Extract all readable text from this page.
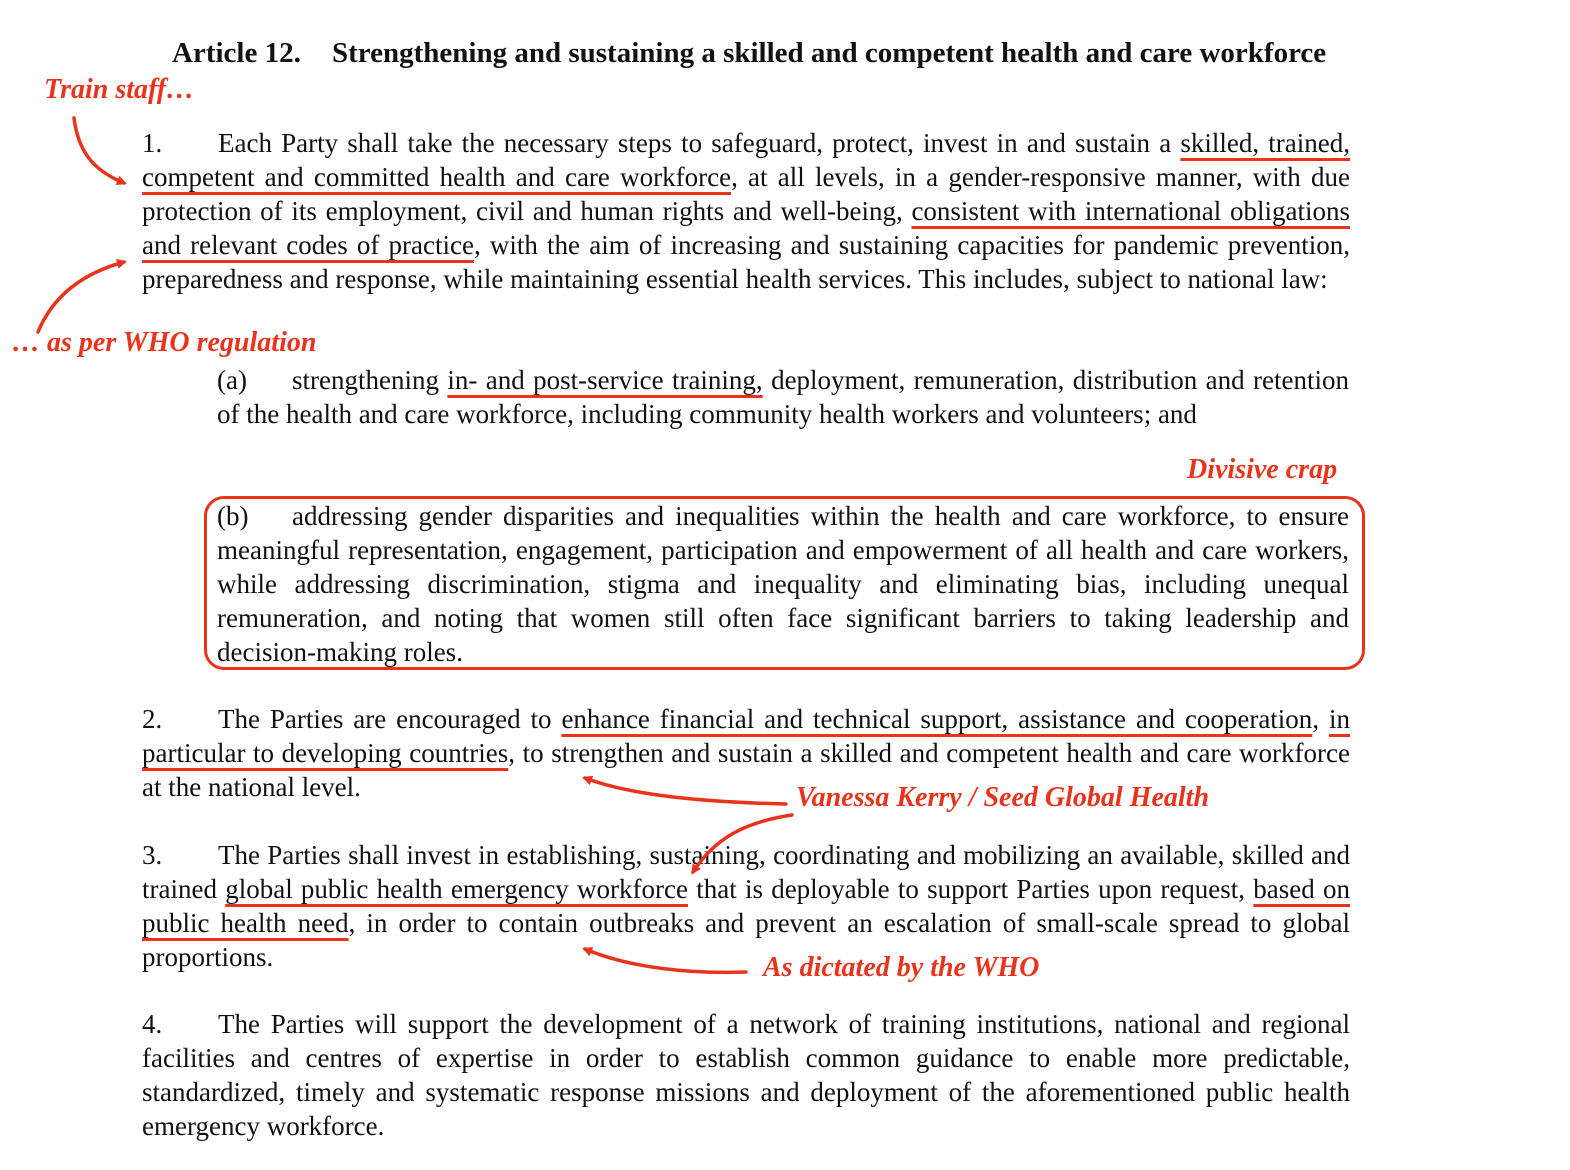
Article 12. Strengthening and sustaining a skilled and competent health and care workforce

1. Each Party shall take the necessary steps to safeguard, protect, invest in and sustain a skilled, trained, competent and committed health and care workforce, at all levels, in a gender-responsive manner, with due protection of its employment, civil and human rights and well-being, consistent with international obligations and relevant codes of practice, with the aim of increasing and sustaining capacities for pandemic prevention, preparedness and response, while maintaining essential health services. This includes, subject to national law:

(a) strengthening in- and post-service training, deployment, remuneration, distribution and retention of the health and care workforce, including community health workers and volunteers; and

(b) addressing gender disparities and inequalities within the health and care workforce, to ensure meaningful representation, engagement, participation and empowerment of all health and care workers, while addressing discrimination, stigma and inequality and eliminating bias, including unequal remuneration, and noting that women still often face significant barriers to taking leadership and decision-making roles.

2. The Parties are encouraged to enhance financial and technical support, assistance and cooperation, in particular to developing countries, to strengthen and sustain a skilled and competent health and care workforce at the national level.

3. The Parties shall invest in establishing, sustaining, coordinating and mobilizing an available, skilled and trained global public health emergency workforce that is deployable to support Parties upon request, based on public health need, in order to contain outbreaks and prevent an escalation of small-scale spread to global proportions.

4. The Parties will support the development of a network of training institutions, national and regional facilities and centres of expertise in order to establish common guidance to enable more predictable, standardized, timely and systematic response missions and deployment of the aforementioned public health emergency workforce.

Train staff…
… as per WHO regulation
Divisive crap
Vanessa Kerry / Seed Global Health
As dictated by the WHO
